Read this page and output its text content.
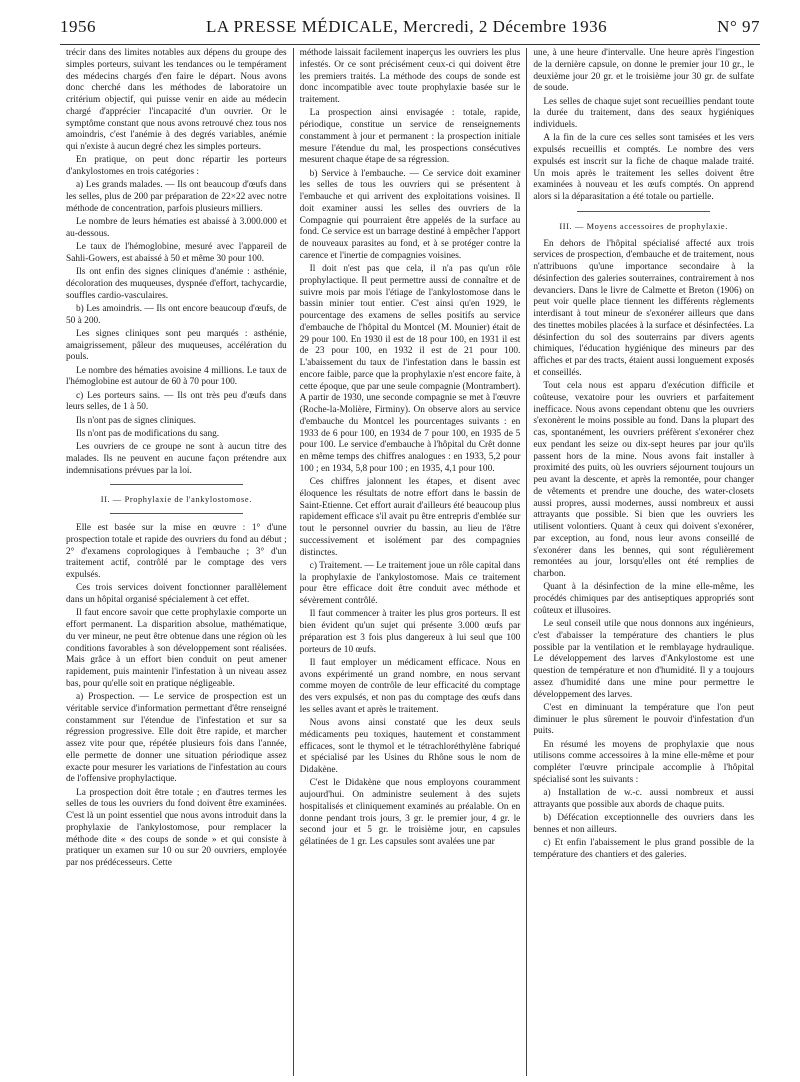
1956	LA PRESSE MÉDICALE, Mercredi, 2 Décembre 1936	N° 97

trécir dans des limites notables aux dépens du groupe des simples porteurs, suivant les tendances ou le tempérament des médecins chargés d'en faire le départ. Nous avons donc cherché dans les méthodes de laboratoire un critérium objectif, qui puisse venir en aide au médecin chargé d'apprécier l'incapacité d'un ouvrier. Or le symptôme constant que nous avons retrouvé chez tous nos amoindris, c'est l'anémie à des degrés variables, anémie qui n'existe à aucun degré chez les simples porteurs.

En pratique, on peut donc répartir les porteurs d'ankylostomes en trois catégories :

a) Les grands malades. — Ils ont beaucoup d'œufs dans les selles, plus de 200 par préparation de 22×22 avec notre méthode de concentration, parfois plusieurs milliers.

Le nombre de leurs hématies est abaissé à 3.000.000 et au-dessous.

Le taux de l'hémoglobine, mesuré avec l'appareil de Sahli-Gowers, est abaissé à 50 et même 30 pour 100.

Ils ont enfin des signes cliniques d'anémie : asthénie, décoloration des muqueuses, dyspnée d'effort, tachycardie, souffles cardio-vasculaires.

b) Les amoindris. — Ils ont encore beaucoup d'œufs, de 50 à 200.

Les signes cliniques sont peu marqués : asthénie, amaigrissement, pâleur des muqueuses, accélération du pouls.

Le nombre des hématies avoisine 4 millions. Le taux de l'hémoglobine est autour de 60 à 70 pour 100.

c) Les porteurs sains. — Ils ont très peu d'œufs dans leurs selles, de 1 à 50.

Ils n'ont pas de signes cliniques.

Ils n'ont pas de modifications du sang.

Les ouvriers de ce groupe ne sont à aucun titre des malades. Ils ne peuvent en aucune façon prétendre aux indemnisations prévues par la loi.

II. — Prophylaxie de l'ankylostomose.

Elle est basée sur la mise en œuvre : 1° d'une prospection totale et rapide des ouvriers du fond au début ; 2° d'examens coprologiques à l'embauche ; 3° d'un traitement actif, contrôlé par le comptage des vers expulsés.

Ces trois services doivent fonctionner parallèlement dans un hôpital organisé spécialement à cet effet.

Il faut encore savoir que cette prophylaxie comporte un effort permanent. La disparition absolue, mathématique, du ver mineur, ne peut être obtenue dans une région où les conditions favorables à son développement sont réalisées. Mais grâce à un effort bien conduit on peut amener rapidement, puis maintenir l'infestation à un niveau assez bas, pour qu'elle soit en pratique négligeable.

a) Prospection. — Le service de prospection est un véritable service d'information permettant d'être renseigné constamment sur l'étendue de l'infestation et sur sa régression progressive. Elle doit être rapide, et marcher assez vite pour que, répétée plusieurs fois dans l'année, elle permette de donner une situation périodique assez exacte pour mesurer les variations de l'infestation au cours de l'offensive prophylactique.

La prospection doit être totale ; en d'autres termes les selles de tous les ouvriers du fond doivent être examinées. C'est là un point essentiel que nous avons introduit dans la prophylaxie de l'ankylostomose, pour remplacer la méthode dite « des coups de sonde » et qui consiste à pratiquer un examen sur 10 ou sur 20 ouvriers, employée par nos prédécesseurs. Cette

méthode laissait facilement inaperçus les ouvriers les plus infestés. Or ce sont précisément ceux-ci qui doivent être les premiers traités. La méthode des coups de sonde est donc incompatible avec toute prophylaxie basée sur le traitement.

La prospection ainsi envisagée : totale, rapide, périodique, constitue un service de renseignements constamment à jour et permanent : la prospection initiale mesure l'étendue du mal, les prospections consécutives mesurent chaque étape de sa régression.

b) Service à l'embauche. — Ce service doit examiner les selles de tous les ouvriers qui se présentent à l'embauche et qui arrivent des exploitations voisines. Il doit examiner aussi les selles des ouvriers de la Compagnie qui pourraient être appelés de la surface au fond. Ce service est un barrage destiné à empêcher l'apport de nouveaux parasites au fond, et à se protéger contre la carence et l'inertie de compagnies voisines.

Il doit n'est pas que cela, il n'a pas qu'un rôle prophylactique. Il peut permettre aussi de connaître et de suivre mois par mois l'étiage de l'ankylostomose dans le bassin minier tout entier. C'est ainsi qu'en 1929, le pourcentage des examens de selles positifs au service d'embauche de l'hôpital du Montcel (M. Mounier) était de 29 pour 100. En 1930 il est de 18 pour 100, en 1931 il est de 23 pour 100, en 1932 il est de 21 pour 100. L'abaissement du taux de l'infestation dans le bassin est encore faible, parce que la prophylaxie n'est encore faite, à cette époque, que par une seule compagnie (Montrambert). A partir de 1930, une seconde compagnie se met à l'œuvre (Roche-la-Molière, Firminy). On observe alors au service d'embauche du Montcel les pourcentages suivants : en 1933 de 6 pour 100, en 1934 de 7 pour 100, en 1935 de 5 pour 100. Le service d'embauche à l'hôpital du Crêt donne en même temps des chiffres analogues : en 1933, 5,2 pour 100 ; en 1934, 5,8 pour 100 ; en 1935, 4,1 pour 100.

Ces chiffres jalonnent les étapes, et disent avec éloquence les résultats de notre effort dans le bassin de Saint-Etienne. Cet effort aurait d'ailleurs été beaucoup plus rapidement efficace s'il avait pu être entrepris d'emblée sur tout le personnel ouvrier du bassin, au lieu de l'être successivement et isolément par des compagnies distinctes.

c) Traitement. — Le traitement joue un rôle capital dans la prophylaxie de l'ankylostomose. Mais ce traitement pour être efficace doit être conduit avec méthode et sévèrement contrôlé.

Il faut commencer à traiter les plus gros porteurs. Il est bien évident qu'un sujet qui présente 3.000 œufs par préparation est 3 fois plus dangereux à lui seul que 100 porteurs de 10 œufs.

Il faut employer un médicament efficace. Nous en avons expérimenté un grand nombre, en nous servant comme moyen de contrôle de leur efficacité du comptage des vers expulsés, et non pas du comptage des œufs dans les selles avant et après le traitement.

Nous avons ainsi constaté que les deux seuls médicaments peu toxiques, hautement et constamment efficaces, sont le thymol et le tétrachloréthylène fabriqué et spécialisé par les Usines du Rhône sous le nom de Didakène.

C'est le Didakène que nous employons couramment aujourd'hui. On administre seulement à des sujets hospitalisés et cliniquement examinés au préalable. On en donne pendant trois jours, 3 gr. le premier jour, 4 gr. le second jour et 5 gr. le troisième jour, en capsules gélatinées de 1 gr. Les capsules sont avalées une par

une, à une heure d'intervalle. Une heure après l'ingestion de la dernière capsule, on donne le premier jour 10 gr., le deuxième jour 20 gr. et le troisième jour 30 gr. de sulfate de soude.

Les selles de chaque sujet sont recueillies pendant toute la durée du traitement, dans des seaux hygiéniques individuels.

A la fin de la cure ces selles sont tamisées et les vers expulsés recueillis et comptés. Le nombre des vers expulsés est inscrit sur la fiche de chaque malade traité. Un mois après le traitement les selles doivent être examinées à nouveau et les œufs comptés. On apprend alors si la déparasitation a été totale ou partielle.

III. — Moyens accessoires de prophylaxie.

En dehors de l'hôpital spécialisé affecté aux trois services de prospection, d'embauche et de traitement, nous n'attribuons qu'une importance secondaire à la désinfection des galeries souterraines, contrairement à nos devanciers. Dans le livre de Calmette et Breton (1906) on peut voir quelle place tiennent les différents règlements interdisant à tout mineur de s'exonérer ailleurs que dans des tinettes mobiles placées à la surface et désinfectées. La désinfection du sol des souterrains par divers agents chimiques, l'éducation hygiénique des mineurs par des affiches et par des tracts, étaient aussi longuement exposés et conseillés.

Tout cela nous est apparu d'exécution difficile et coûteuse, vexatoire pour les ouvriers et parfaitement inefficace. Nous avons cependant obtenu que les ouvriers s'exonèrent le moins possible au fond. Dans la plupart des cas, spontanément, les ouvriers préfèrent s'exonérer chez eux pendant les seize ou dix-sept heures par jour qu'ils passent hors de la mine. Nous avons fait installer à proximité des puits, où les ouvriers séjournent toujours un peu avant la descente, et après la remontée, pour changer de vêtements et prendre une douche, des water-closets aussi propres, aussi modernes, aussi nombreux et aussi attrayants que possible. Si bien que les ouvriers les utilisent volontiers. Quant à ceux qui doivent s'exonérer, par exception, au fond, nous leur avons conseillé de s'exonérer dans les bennes, qui sont régulièrement remontées au jour, lorsqu'elles ont été remplies de charbon.

Quant à la désinfection de la mine elle-même, les procédés chimiques par des antiseptiques appropriés sont coûteux et illusoires.

Le seul conseil utile que nous donnons aux ingénieurs, c'est d'abaisser la température des chantiers le plus possible par la ventilation et le remblayage hydraulique. Le développement des larves d'Ankylostome est une question de température et non d'humidité. Il y a toujours assez d'humidité dans une mine pour permettre le développement des larves.

C'est en diminuant la température que l'on peut diminuer le plus sûrement le pouvoir d'infestation d'un puits.

En résumé les moyens de prophylaxie que nous utilisons comme accessoires à la mine elle-même et pour compléter l'œuvre principale accomplie à l'hôpital spécialisé sont les suivants :

a) Installation de w.-c. aussi nombreux et aussi attrayants que possible aux abords de chaque puits.

b) Défécation exceptionnelle des ouvriers dans les bennes et non ailleurs.

c) Et enfin l'abaissement le plus grand possible de la température des chantiers et des galeries.
